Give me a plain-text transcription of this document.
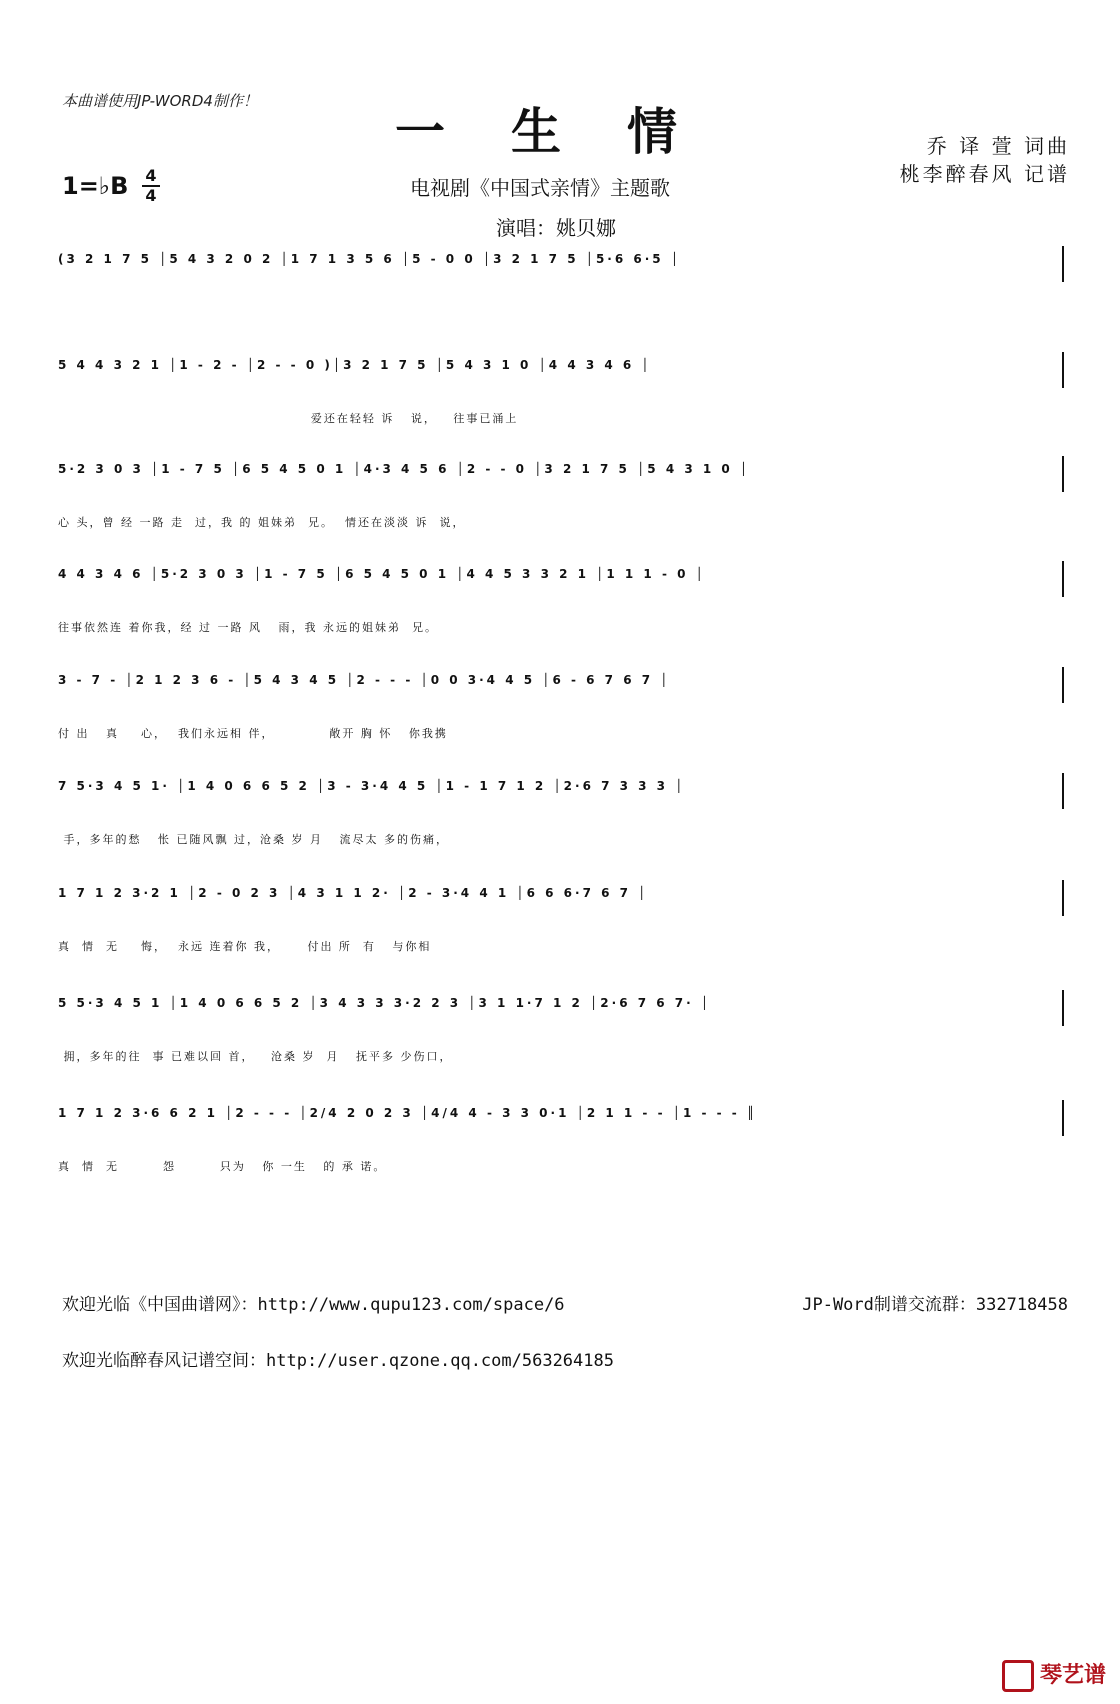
本曲谱使用JP-WORD4制作！
一生情
电视剧《中国式亲情》主题歌
演唱：姚贝娜
乔 译 萱 词曲
桃李醉春风 记谱
1=♭B 4
4
(3 2 1 7 5 │5 4 3 2 0 2 │1 7 1 3 5 6 │5 - 0 0 │3 2 1 7 5 │5·6 6·5 │
5 4 4 3 2 1 │1 - 2 - │2 - - 0 )│3 2 1 7 5 │5 4 3 1 0 │4 4 3 4 6 │
爱还在轻轻 诉   说，   往事已涌上
5·2 3 0 3 │1 - 7 5 │6 5 4 5 0 1 │4·3 4 5 6 │2 - - 0 │3 2 1 7 5 │5 4 3 1 0 │
心 头，曾 经 一路 走  过，我 的 姐妹弟  兄。  情还在淡淡 诉  说，
4 4 3 4 6 │5·2 3 0 3 │1 - 7 5 │6 5 4 5 0 1 │4 4 5 3 3 2 1 │1 1 1 - 0 │
往事依然连 着你我，经 过 一路 风   雨，我 永远的姐妹弟  兄。
3 - 7 - │2 1 2 3 6 - │5 4 3 4 5 │2 - - - │0 0 3·4 4 5 │6 - 6 7 6 7 │
付 出   真    心，  我们永远相 伴，          敞开 胸 怀   你我携
7 5·3 4 5 1· │1 4 0 6 6 5 2 │3 - 3·4 4 5 │1 - 1 7 1 2 │2·6 7 3 3 3 │
手，多年的愁   怅 已随风飘 过，沧桑 岁 月   流尽太 多的伤痛，
1 7 1 2 3·2 1 │2 - 0 2 3 │4 3 1 1 2· │2 - 3·4 4 1 │6 6 6·7 6 7 │
真  情  无    悔，  永远 连着你 我，     付出 所  有   与你相
5 5·3 4 5 1 │1 4 0 6 6 5 2 │3 4 3 3 3·2 2 3 │3 1 1·7 1 2 │2·6 7 6 7· │
拥，多年的往  事 已难以回 首，   沧桑 岁  月   抚平多 少伤口，
1 7 1 2 3·6 6 2 1 │2 - - - │2/4 2 0 2 3 │4/4 4 - 3 3 0·1 │2 1 1 - - │1 - - - ║
真  情  无        怨        只为   你 一生   的 承 诺。
欢迎光临《中国曲谱网》：http://www.qupu123.com/space/6	JP-Word制谱交流群：332718458
欢迎光临醉春风记谱空间：http://user.qzone.qq.com/563264185
琴艺谱
